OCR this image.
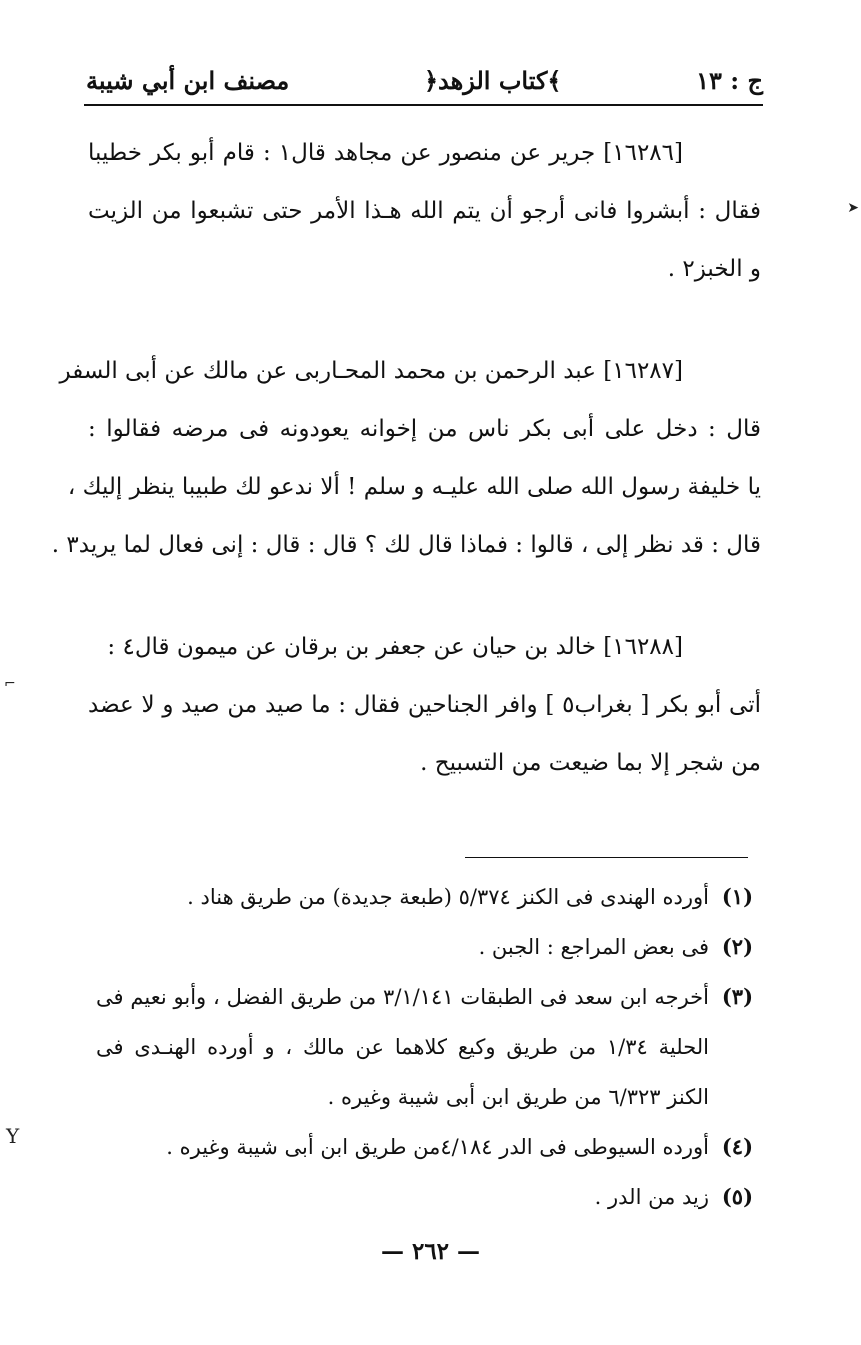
مصنف ابن أبي شيبة	﴿كتاب الزهد﴾	ج : ١٣
[١٦٢٨٦] جرير عن منصور عن مجاهد قال١ : قام أبو بكر خطيبا
فقال : أبشروا فانى أرجو أن يتم الله هـذا الأمر حتى تشبعوا من الزيت
و الخبز٢ .
[١٦٢٨٧] عبد الرحمن بن محمد المحـاربى عن مالك عن أبى السفر
قال : دخل على أبى بكر ناس من إخوانه يعودونه فى مرضه فقالوا :
يا خليفة رسول الله صلى الله عليـه و سلم ! ألا ندعو لك طبيبا ينظر إليك ،
قال : قد نظر إلى ، قالوا : فماذا قال لك ؟ قال : قال : إنى فعال لما يريد٣ .
[١٦٢٨٨] خالد بن حيان عن جعفر بن برقان عن ميمون قال٤ :
أتى أبو بكر [ بغراب٥ ] وافر الجناحين فقال : ما صيد من صيد و لا عضد
من شجر إلا بما ضيعت من التسبيح .
(١)
أورده الهندى فى الكنز ٥/٣٧٤ (طبعة جديدة) من طريق هناد .
(٢)
فى بعض المراجع : الجبن .
(٣)
أخرجه ابن سعد فى الطبقات ٣/١/١٤١ من طريق الفضل ، وأبو نعيم فى
الحلية ١/٣٤ من طريق وكيع كلاهما عن مالك ، و أورده الهنـدى فى
الكنز ٦/٣٢٣ من طريق ابن أبى شيبة وغيره .
(٤)
أورده السيوطى فى الدر ٤/١٨٤من طريق ابن أبى شيبة وغيره .
(٥)
زيد من الدر .
— ٢٦٢ —
➤
⌐
Y
